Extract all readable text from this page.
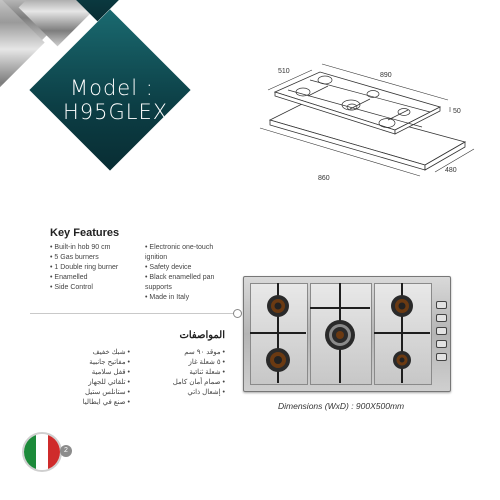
Model :
H95GLEX
510
890
50
860
480
Key Features
• Built-in hob 90 cm
• 5 Gas burners
• 1 Double ring burner
• Enamelled
• Side Control
• Electronic one-touch ignition
• Safety device
• Black enamelled pan supports
• Made in Italy
المواصفات
• موقد ٩٠ سم
• ٥ شعلة غاز
• شعلة ثنائية
• صمام أمان كامل
• إشعال ذاتي
• شبك خفيف
• مفاتيح جانبية
• قفل سلامية
• تلقائي للجهاز
• ستانلس ستيل
• صنع في ايطاليا	Dimensions (WxD) : 900X500mm
2
